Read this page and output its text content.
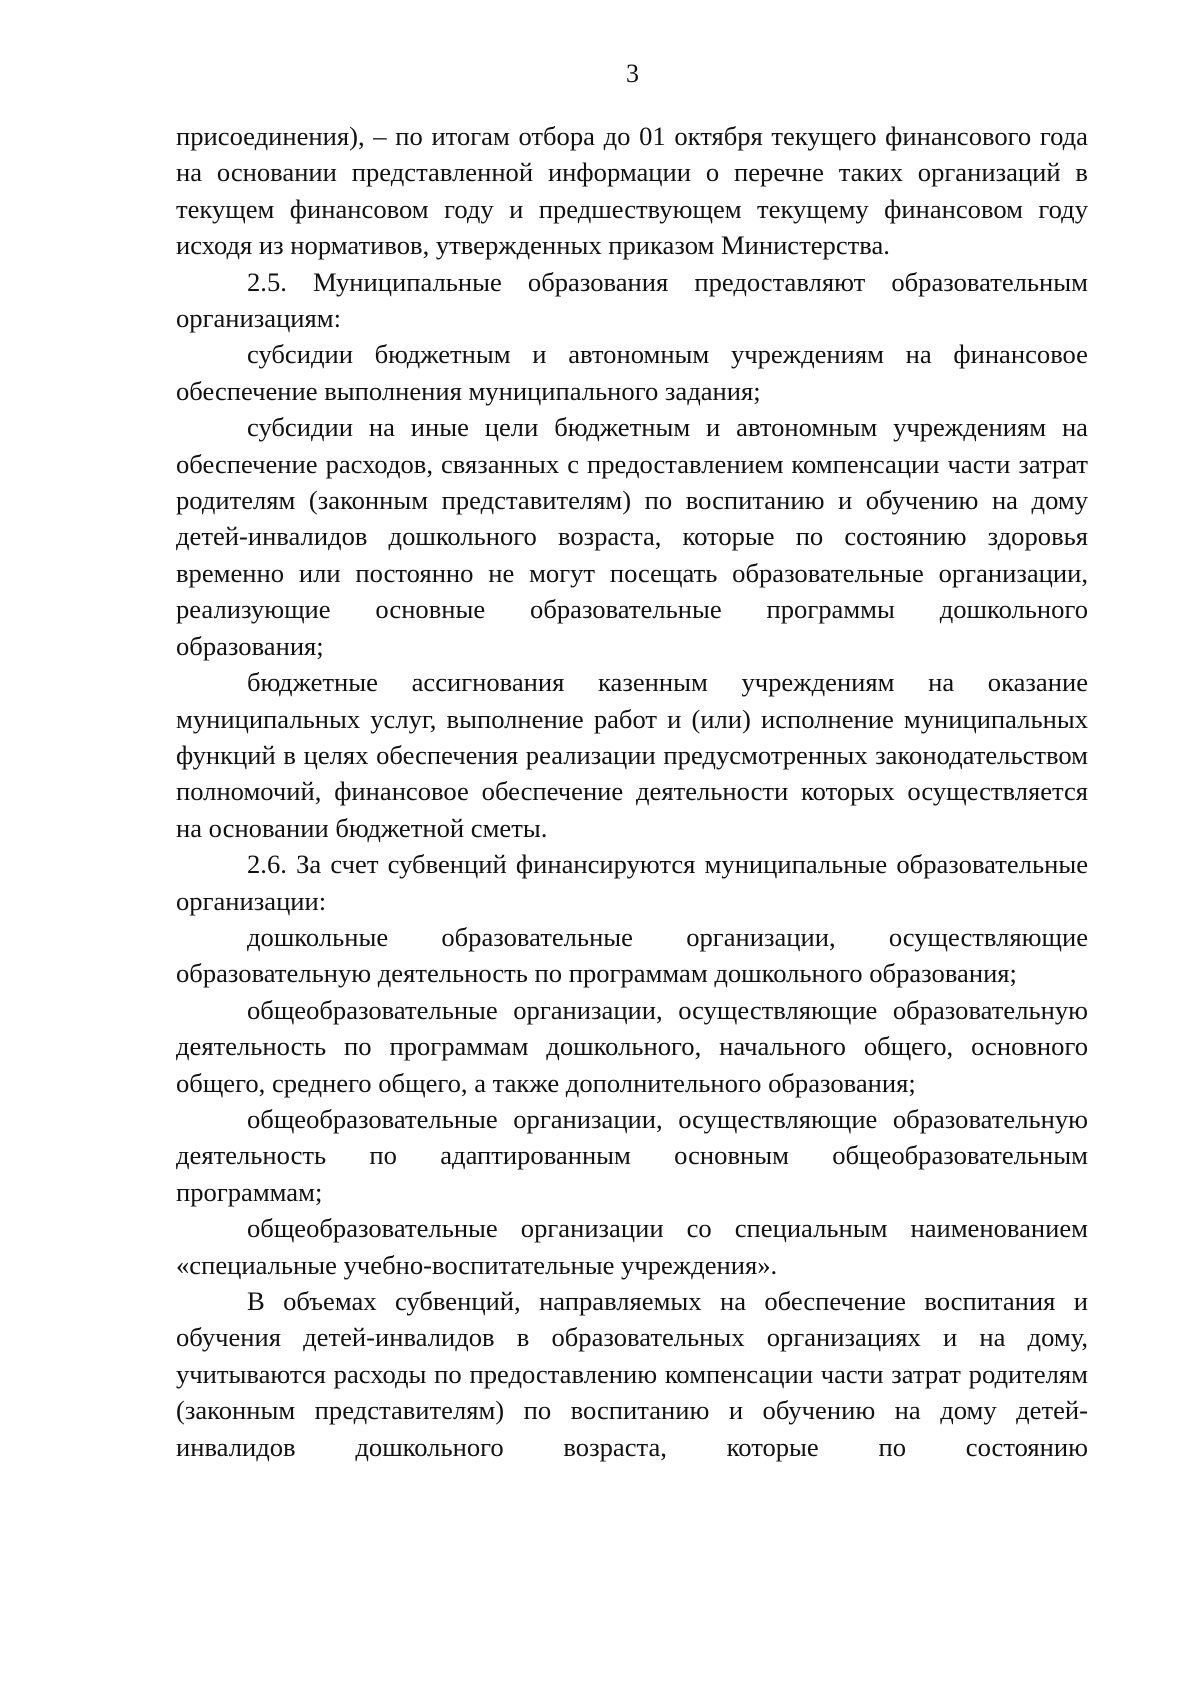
3

присоединения), – по итогам отбора до 01 октября текущего финансового года на основании представленной информации о перечне таких организаций в текущем финансовом году и предшествующем текущему финансовом году исходя из нормативов, утвержденных приказом Министерства.

2.5. Муниципальные образования предоставляют образовательным организациям:

субсидии бюджетным и автономным учреждениям на финансовое обеспечение выполнения муниципального задания;

субсидии на иные цели бюджетным и автономным учреждениям на обеспечение расходов, связанных с предоставлением компенсации части затрат родителям (законным представителям) по воспитанию и обучению на дому детей-инвалидов дошкольного возраста, которые по состоянию здоровья временно или постоянно не могут посещать образовательные организации, реализующие основные образовательные программы дошкольного образования;

бюджетные ассигнования казенным учреждениям на оказание муниципальных услуг, выполнение работ и (или) исполнение муниципальных функций в целях обеспечения реализации предусмотренных законодательством полномочий, финансовое обеспечение деятельности которых осуществляется на основании бюджетной сметы.

2.6. За счет субвенций финансируются муниципальные образовательные организации:

дошкольные образовательные организации, осуществляющие образовательную деятельность по программам дошкольного образования;

общеобразовательные организации, осуществляющие образовательную деятельность по программам дошкольного, начального общего, основного общего, среднего общего, а также дополнительного образования;

общеобразовательные организации, осуществляющие образовательную деятельность по адаптированным основным общеобразовательным программам;

общеобразовательные организации со специальным наименованием «специальные учебно-воспитательные учреждения».

В объемах субвенций, направляемых на обеспечение воспитания и обучения детей-инвалидов в образовательных организациях и на дому, учитываются расходы по предоставлению компенсации части затрат родителям (законным представителям) по воспитанию и обучению на дому детей-инвалидов дошкольного возраста, которые по состоянию
